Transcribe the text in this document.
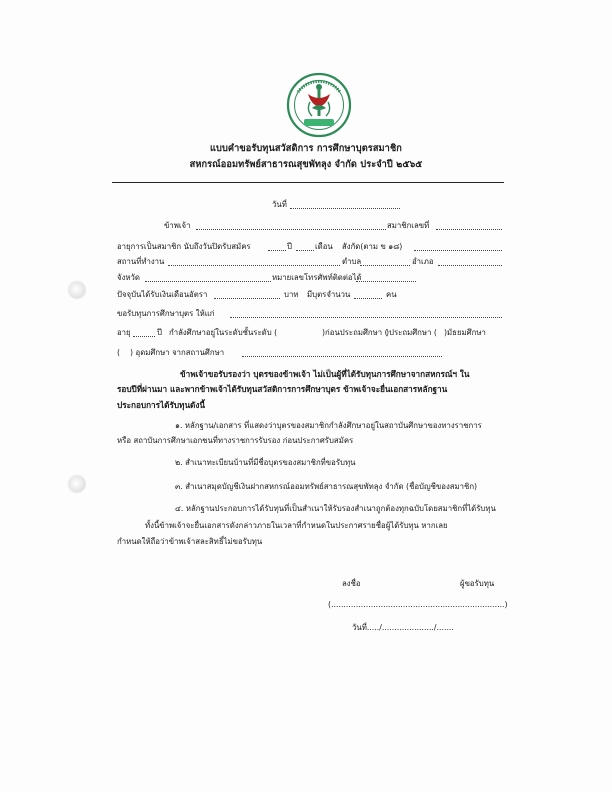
แบบคำขอรับทุนสวัสดิการ การศึกษาบุตรสมาชิก
สหกรณ์ออมทรัพย์สาธารณสุขพัทลุง จำกัด ประจำปี ๒๕๖๕
วันที่
ข้าพเจ้า	สมาชิกเลขที่
อายุการเป็นสมาชิก นับถึงวันปิดรับสมัคร	ปี	เดือน สังกัด(ตาม ข ๑๘)
สถานที่ทำงาน	ตำบล	อำเภอ
จังหวัด	หมายเลขโทรศัพท์ติดต่อได้
ปัจจุบันได้รับเงินเดือนอัตรา	บาท มีบุตรจำนวน	คน
ขอรับทุนการศึกษาบุตร ให้แก่
อายุ	ปี กำลังศึกษาอยู่ในระดับชั้นระดับ (	)ก่อนประถมศึกษา (
)ประถมศึกษา ( )มัธยมศึกษา
( ) อุดมศึกษา จากสถานศึกษา
ข้าพเจ้าขอรับรองว่า บุตรของข้าพเจ้า ไม่เป็นผู้ที่ได้รับทุนการศึกษาจากสหกรณ์ฯ ใน
รอบปีที่ผ่านมา และพากข้าพเจ้าได้รับทุนสวัสดิการการศึกษาบุตร ข้าพเจ้าจะยื่นเอกสารหลักฐาน
ประกอบการได้รับทุนดังนี้
๑. หลักฐาน/เอกสาร ที่แสดงว่าบุตรของสมาชิกกำลังศึกษาอยู่ในสถาบันศึกษาของทางราชการ
หรือ สถาบันการศึกษาเอกชนที่ทางราชการรับรอง ก่อนประกาศรับสมัคร
๒. สำเนาทะเบียนบ้านที่มีชื่อบุตรของสมาชิกที่ขอรับทุน
๓. สำเนาสมุดบัญชีเงินฝากสหกรณ์ออมทรัพย์สาธารณสุขพัทลุง จำกัด (ชื่อบัญชีของสมาชิก)
๔. หลักฐานประกอบการได้รับทุนที่เป็นสำเนาให้รับรองสำเนาถูกต้องทุกฉบับโดยสมาชิกที่ได้รับทุน
ทั้งนี้ข้าพเจ้าจะยื่นเอกสารดังกล่าวภายในเวลาที่กำหนดในประกาศรายชื่อผู้ได้รับทุน หากเลย
กำหนดให้ถือว่าข้าพเจ้าสละสิทธิ์ไม่ขอรับทุน
ลงชื่อ	ผู้ขอรับทุน
(......................................................................)
วันที่...../...................../.......
